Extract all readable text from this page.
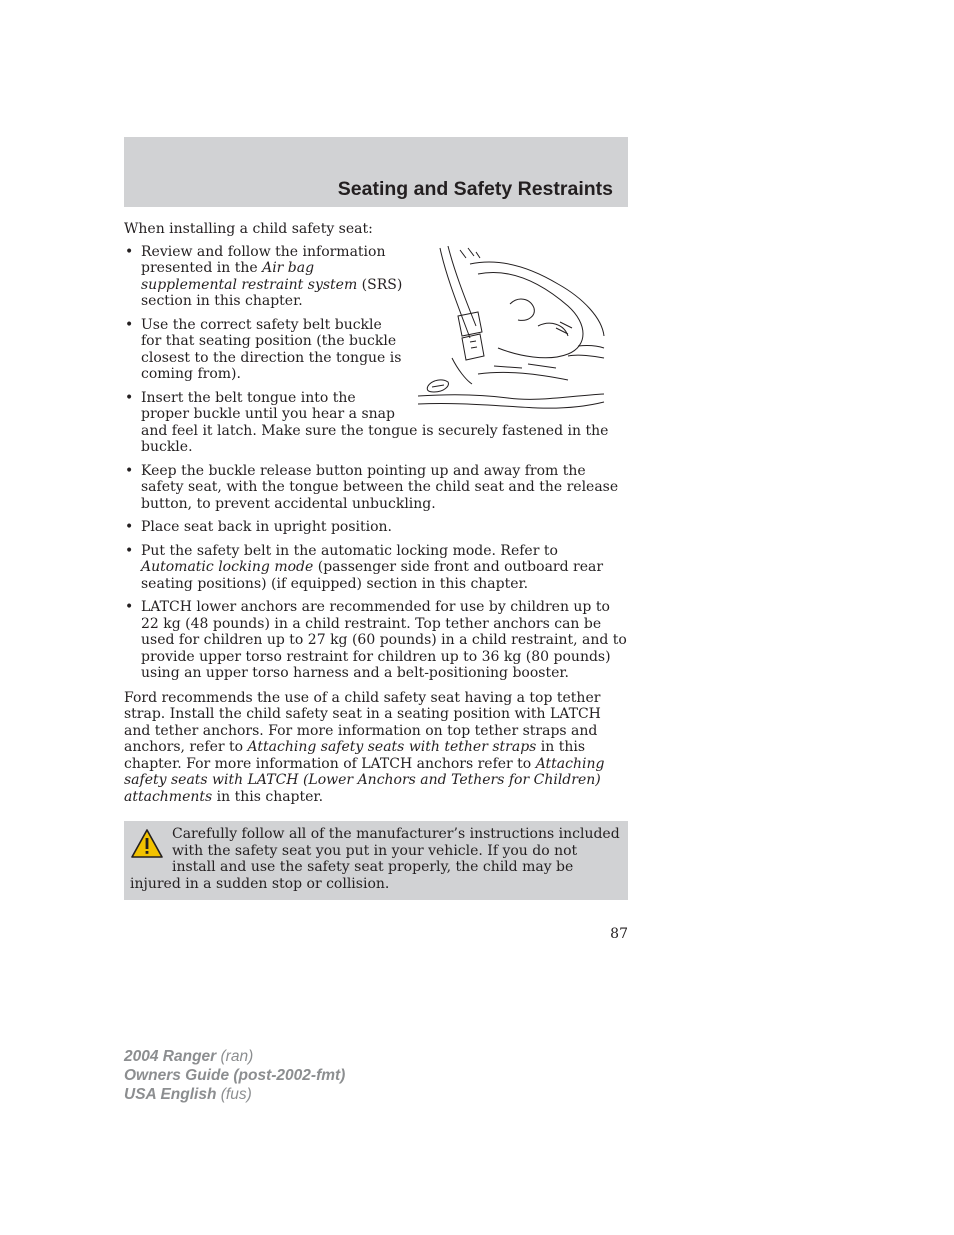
Seating and Safety Restraints

When installing a child safety seat:

• Review and follow the information presented in the Air bag supplemental restraint system (SRS) section in this chapter.
• Use the correct safety belt buckle for that seating position (the buckle closest to the direction the tongue is coming from).
• Insert the belt tongue into the proper buckle until you hear a snap and feel it latch. Make sure the tongue is securely fastened in the buckle.
• Keep the buckle release button pointing up and away from the safety seat, with the tongue between the child seat and the release button, to prevent accidental unbuckling.
• Place seat back in upright position.
• Put the safety belt in the automatic locking mode. Refer to Automatic locking mode (passenger side front and outboard rear seating positions) (if equipped) section in this chapter.
• LATCH lower anchors are recommended for use by children up to 22 kg (48 pounds) in a child restraint. Top tether anchors can be used for children up to 27 kg (60 pounds) in a child restraint, and to provide upper torso restraint for children up to 36 kg (80 pounds) using an upper torso harness and a belt-positioning booster.

Ford recommends the use of a child safety seat having a top tether strap. Install the child safety seat in a seating position with LATCH and tether anchors. For more information on top tether straps and anchors, refer to Attaching safety seats with tether straps in this chapter. For more information of LATCH anchors refer to Attaching safety seats with LATCH (Lower Anchors and Tethers for Children) attachments in this chapter.

Carefully follow all of the manufacturer’s instructions included with the safety seat you put in your vehicle. If you do not install and use the safety seat properly, the child may be injured in a sudden stop or collision.
87
2004 Ranger (ran)
Owners Guide (post-2002-fmt)
USA English (fus)
